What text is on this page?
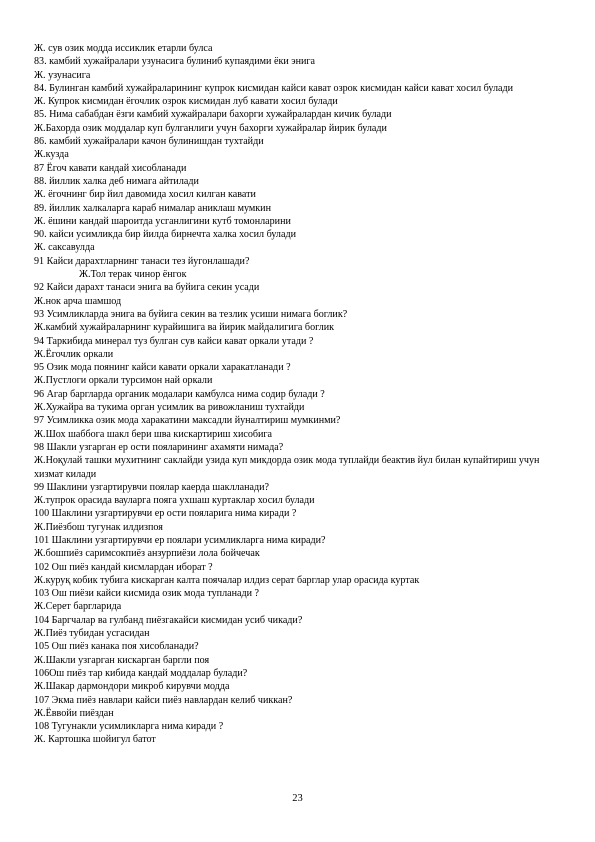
Ж. сув озик модда иссиклик етарли булса
83. камбий хужайралари узунасига булиниб купаядими ёки энига
Ж. узунасига
84. Булинган камбий хужайраларининг купрок кисмидан кайси кават озрок кисмидан кайси кават хосил булади
Ж. Купрок кисмидан ёгочлик озрок кисмидан луб кавати хосил булади
85. Нима сабабдан ёзги камбий хужайралари бахорги хужайралардан кичик булади
Ж.Бахорда озик моддалар куп булганлиги учун бахорги хужайралар йирик булади
86. камбий хужайралари качон булинишдан тухтайди
Ж.кузда
87 Ёгоч кавати кандай хисобланади
88. йиллик халка деб нимага айтилади
Ж. ёгочнинг бир йил давомида хосил килган кавати
89. йиллик халкаларга караб нималар аниклаш мумкин
Ж. ёшини кандай шароитда усганлигини кутб томонларини
90. кайси усимликда бир йилда бирнечта халка хосил булади
Ж. саксавулда
91 Кайси дарахтларнинг танаси тез йугонлашади?
Ж.Тол терак чинор ёнгок
92 Кайси дарахт танаси энига ва буйига секин усади
Ж.нок арча шамшод
93 Усимликларда энига ва буйига секин ва тезлик усиши нимага боглик?
Ж.камбий хужайраларнинг курайишига ва йирик майдалигига боглик
94 Таркибида минерал туз булган сув кайси кават оркали утади ?
Ж.Ёгочлик оркали
95 Озик мода поянинг кайси кавати оркали харакатланади ?
Ж.Пустлоги оркали турсимон най оркали
96 Агар баргларда органик модалари камбулса нима содир булади ?
Ж.Хужайра ва тукима орган усимлик ва ривожланиш тухтайди
97 Усимликка озик мода харакатини максадли йуналтириш мумкинми?
Ж.Шох шаббога шакл бери шва кискартириш хисобига
98 Шакли узгарган ер ости пояларининг ахамяти нимада?
Ж.Ноқулай ташки мухитнинг саклайди узида куп микдорда озик мода туплайди беактив йул билан купайтириш учун хизмат килади
99 Шаклини узгартирувчи поялар каерда шаклланади?
Ж.тупрок орасида вауларга пояга ухшаш куртаклар хосил булади
100 Шаклини узгартирувчи ер ости пояларига нима киради ?
Ж.Пиёзбош тугунак илдизпоя
101 Шаклини узгартирувчи ер поялари усимликларга нима киради?
Ж.бошпиёз саримсокпиёз анзурпиёзи лола бойчечак
102 Ош пиёз кандай кисмлардан иборат ?
Ж.куруқ кобик тубига кискарган калта поячалар илдиз серат барглар улар орасида куртак
103 Ош пиёзи кайси кисмида озик мода тупланади ?
Ж.Серет баргларида
104 Баргчалар ва гулбанд пиёзгакайси кисмидан усиб чикади?
Ж.Пиёз тубидан усгасидан
105 Ош пиёз канака поя хисобланади?
Ж.Шакли узгарган кискарган баргли поя
106Ош пиёз тар кибида кандай моддалар булади?
Ж.Шакар дармондори микроб кирувчи модда
107 Экма пиёз навлари кайси пиёз навлардан келиб чиккан?
Ж.Ёввойи пиёздан
108 Тугунакли усимликларга нима киради ?
Ж. Картошка шойигул батот
23
